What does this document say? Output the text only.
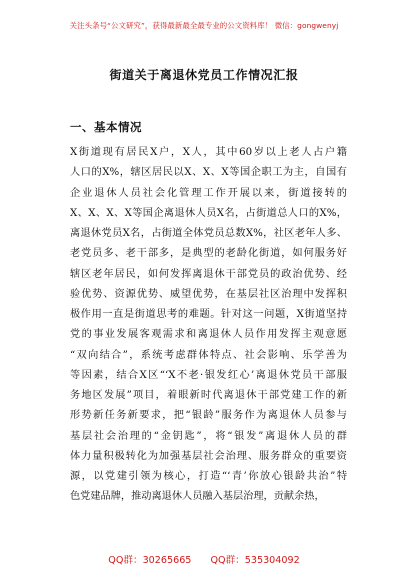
关注头条号“公文研究”，获得最新最全最专业的公文资料库！ 微信：gongwenyj
街道关于离退休党员工作情况汇报
一、基本情况
X街道现有居民X户，X人，其中60岁以上老人占户籍
人口的X%，辖区居民以X、X、X等国企职工为主，自国有
企业退休人员社会化管理工作开展以来，街道接转的
X、X、X、X等国企离退休人员X名，占街道总人口的X%，
离退休党员X名，占街道全体党员总数X%，社区老年人多、
老党员多、老干部多，是典型的老龄化街道，如何服务好
辖区老年居民，如何发挥离退休干部党员的政治优势、经
验优势、资源优势、威望优势，在基层社区治理中发挥积
极作用一直是街道思考的难题。针对这一问题，X街道坚持
党的事业发展客观需求和离退休人员作用发挥主观意愿
“双向结合”，系统考虑群体特点、社会影响、乐学善为
等因素，结合X区“‘X不老·银发红心’离退休党员干部服
务地区发展”项目，着眼新时代离退休干部党建工作的新
形势新任务新要求，把“银龄”服务作为离退休人员参与
基层社会治理的“金钥匙”，将“银发”离退休人员的群
体力量积极转化为加强基层社会治理、服务群众的重要资
源，以党建引领为核心，打造“‘青’你放心银龄共治”特
色党建品牌，推动离退休人员融入基层治理，贡献余热，
QQ群：30265665 QQ群：535304092
